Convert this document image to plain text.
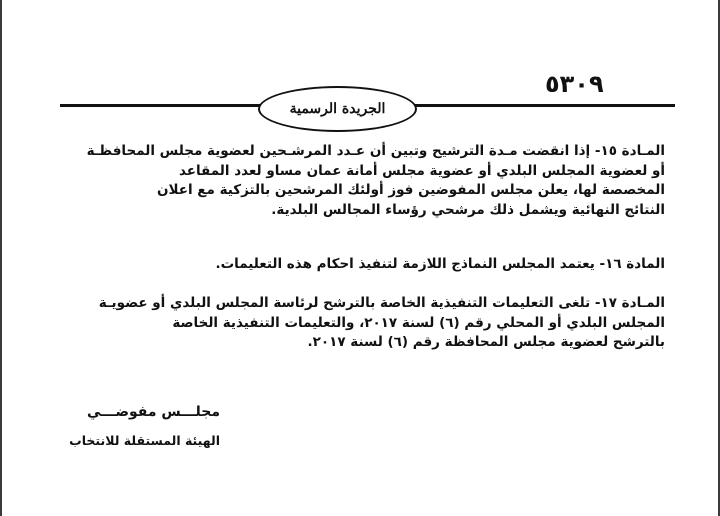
٥٣٠٩
الجريدة الرسمية
المـادة ١٥- إذا انقضت مـدة الترشيح وتبين أن عـدد المرشـحين لعضوية مجلس المحافظـة
أو لعضوية المجلس البلدي أو عضوية مجلس أمانة عمان مساو لعدد المقاعد
المخصصة لها، يعلن مجلس المفوضين فوز أولئك المرشحين بالتزكية مع اعلان
النتائج النهائية ويشمل ذلك مرشحي رؤساء المجالس البلدية.
المادة ١٦- يعتمد المجلس النماذج اللازمة لتنفيذ احكام هذه التعليمات.
المـادة ١٧- تلغى التعليمات التنفيذية الخاصة بالترشح لرئاسة المجلس البلدي أو عضويـة
المجلس البلدي أو المحلي رقم (٦) لسنة ٢٠١٧، والتعليمات التنفيذية الخاصة
بالترشح لعضوية مجلس المحافظة رقم (٦) لسنة ٢٠١٧.
مجلـــس مفوضـــي
الهيئة المستقلة للانتخاب
